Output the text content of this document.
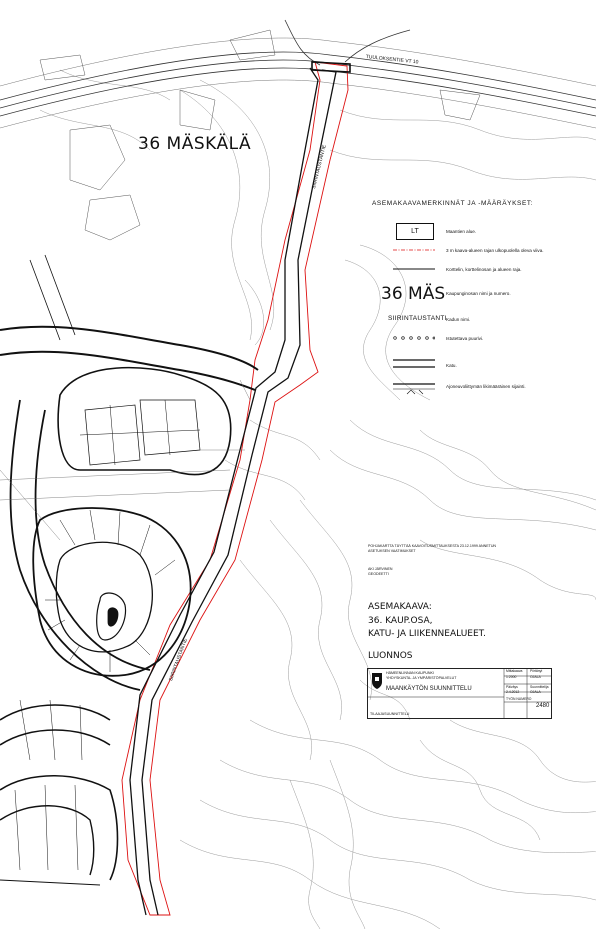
36 MÄSKÄLÄ
TUULOKSENTIE VT 10
SIIRINTAUSTANTIE
SIIRINTAUSTANTIE
ASEMAKAAVAMERKINNÄT JA -MÄÄRÄYKSET:
LT	Maantien alue.
3 m kaava-alueen rajan ulkopuolella oleva viiva.
Korttelin, korttelinosan ja alueen raja.
36 MÄS Kaupunginosan nimi ja numero.
SIIRINTAUSTANTI Kadun nimi.
Istutettava puurivi.
Katu.
Ajoneuvoliittymän likimääräinen sijainti.
POHJAKARTTA TÄYTTÄÄ KAAVOITUSMITTAUKSESTA 23.12.1999 ANNETUN
ASETUKSEN VAATIMUKSET
AKI JÄRVINEN
GEODEETTI
ASEMAKAAVA:
36. KAUP.OSA,
KATU- JA LIIKENNEALUEET.
LUONNOS
HÄMEENLINNAN KAUPUNKI
YHDYSKUNTA- JA YMPÄRISTÖPALVELUT
MAANKÄYTÖN SUUNNITTELU
TILAAJASUUNNITTELU
Mittakaava
1:2000
Piirtänyt
OJALA
Päiväys
2.4.2012
Suunnittelija
OJALA
TYÖN NUMERO
2480
